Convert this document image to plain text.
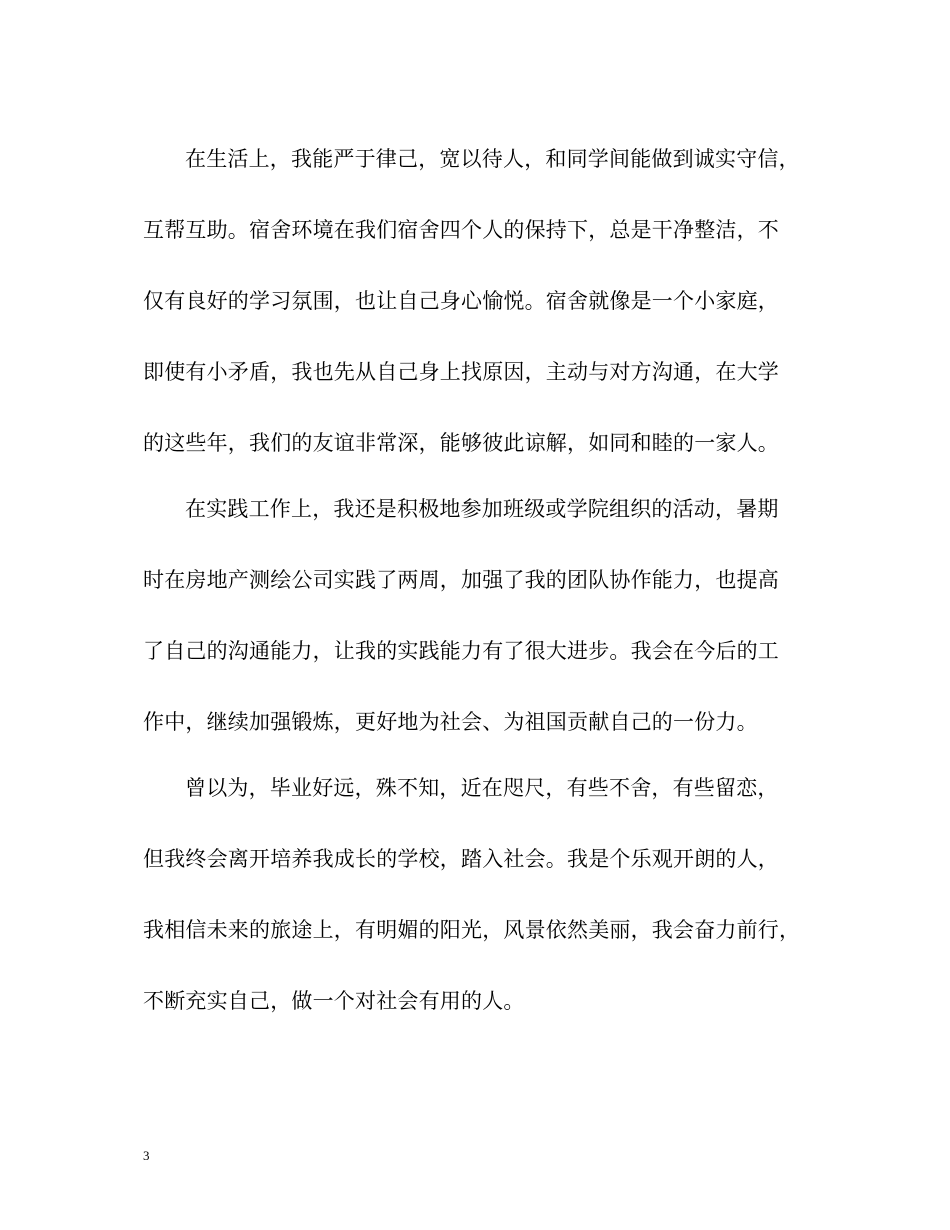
在生活上，我能严于律己，宽以待人，和同学间能做到诚实守信，
互帮互助。宿舍环境在我们宿舍四个人的保持下，总是干净整洁，不
仅有良好的学习氛围，也让自己身心愉悦。宿舍就像是一个小家庭，
即使有小矛盾，我也先从自己身上找原因，主动与对方沟通，在大学
的这些年，我们的友谊非常深，能够彼此谅解，如同和睦的一家人。
在实践工作上，我还是积极地参加班级或学院组织的活动，暑期
时在房地产测绘公司实践了两周，加强了我的团队协作能力，也提高
了自己的沟通能力，让我的实践能力有了很大进步。我会在今后的工
作中，继续加强锻炼，更好地为社会、为祖国贡献自己的一份力。
曾以为，毕业好远，殊不知，近在咫尺，有些不舍，有些留恋，
但我终会离开培养我成长的学校，踏入社会。我是个乐观开朗的人，
我相信未来的旅途上，有明媚的阳光，风景依然美丽，我会奋力前行，
不断充实自己，做一个对社会有用的人。
3
